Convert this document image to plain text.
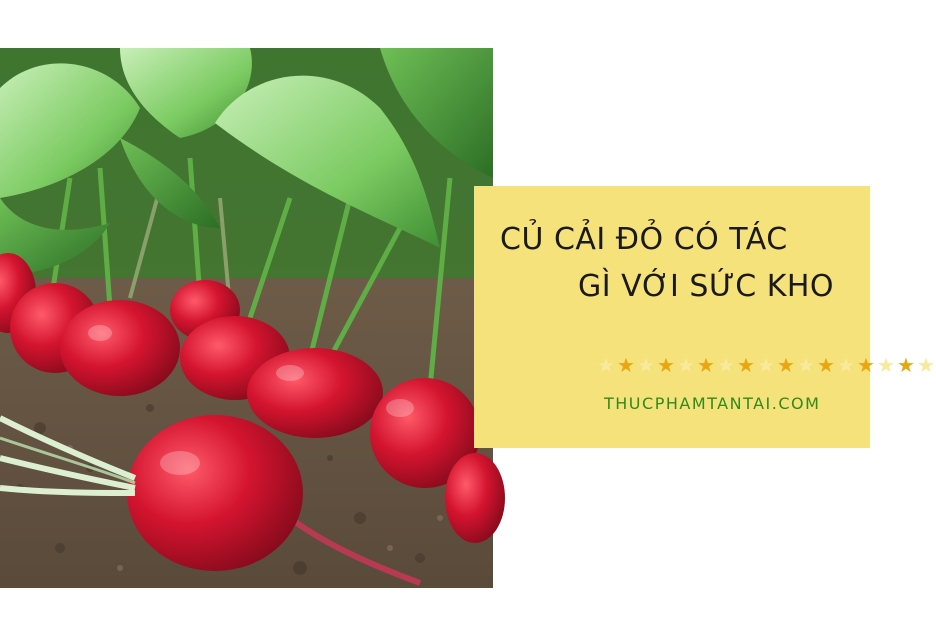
CỦ CẢI ĐỎ CÓ TÁC
GÌ VỚI SỨC KHO
★ ★ ★ ★ ★ ★ ★ ★ ★ ★ ★ ★ ★ ★ ★ ★ ★
THUCPHAMTANTAI.COM
